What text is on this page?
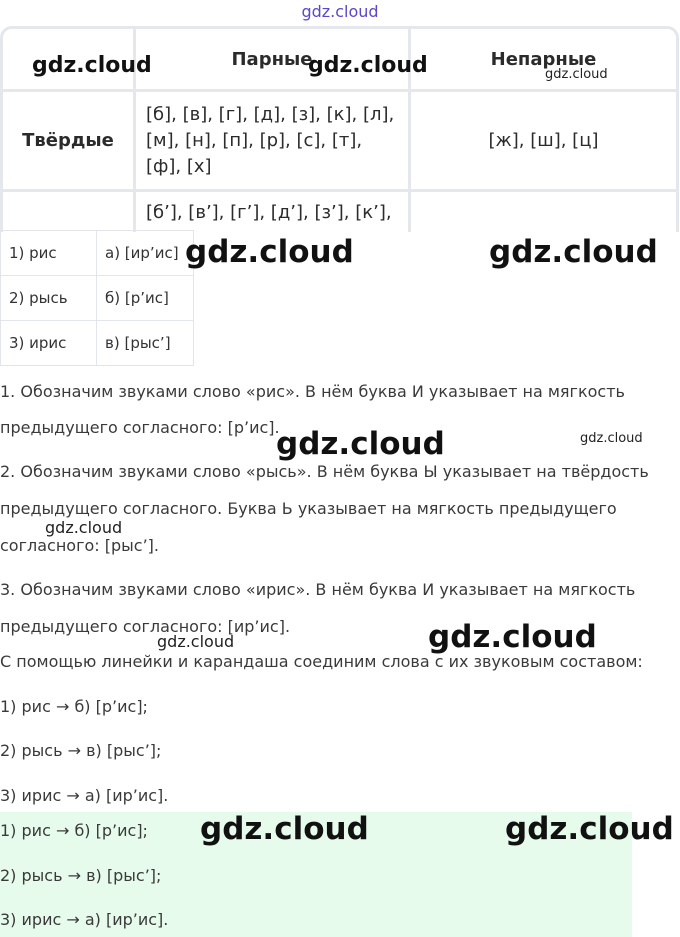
gdz.cloud
	Парные	Непарные
Твёрдые	[б], [в], [г], [д], [з], [к], [л], [м], [н], [п], [р], [с], [т], [ф], [х]	[ж], [ш], [ц]
	[б’], [в’], [г’], [д’], [з’], [к’],	
1) рис	а) [ир’ис]
2) рысь	б) [р’ис]
3) ирис	в) [рыс’]
1. Обозначим звуками слово «рис». В нём буква И указывает на мягкость
предыдущего согласного: [р’ис].
2. Обозначим звуками слово «рысь». В нём буква Ы указывает на твёрдость
предыдущего согласного. Буква Ь указывает на мягкость предыдущего
согласного: [рыс’].
3. Обозначим звуками слово «ирис». В нём буква И указывает на мягкость
предыдущего согласного: [ир’ис].
С помощью линейки и карандаша соединим слова с их звуковым составом:
1) рис → б) [р’ис];
2) рысь → в) [рыс’];
3) ирис → а) [ир’ис].
1) рис → б) [р’ис];
2) рысь → в) [рыс’];
3) ирис → а) [ир’ис].
gdz.cloud	gdz.cloud	gdz.cloud
gdz.cloud	gdz.cloud
gdz.cloud	gdz.cloud
gdz.cloud
gdz.cloud	gdz.cloud
gdz.cloud	gdz.cloud
